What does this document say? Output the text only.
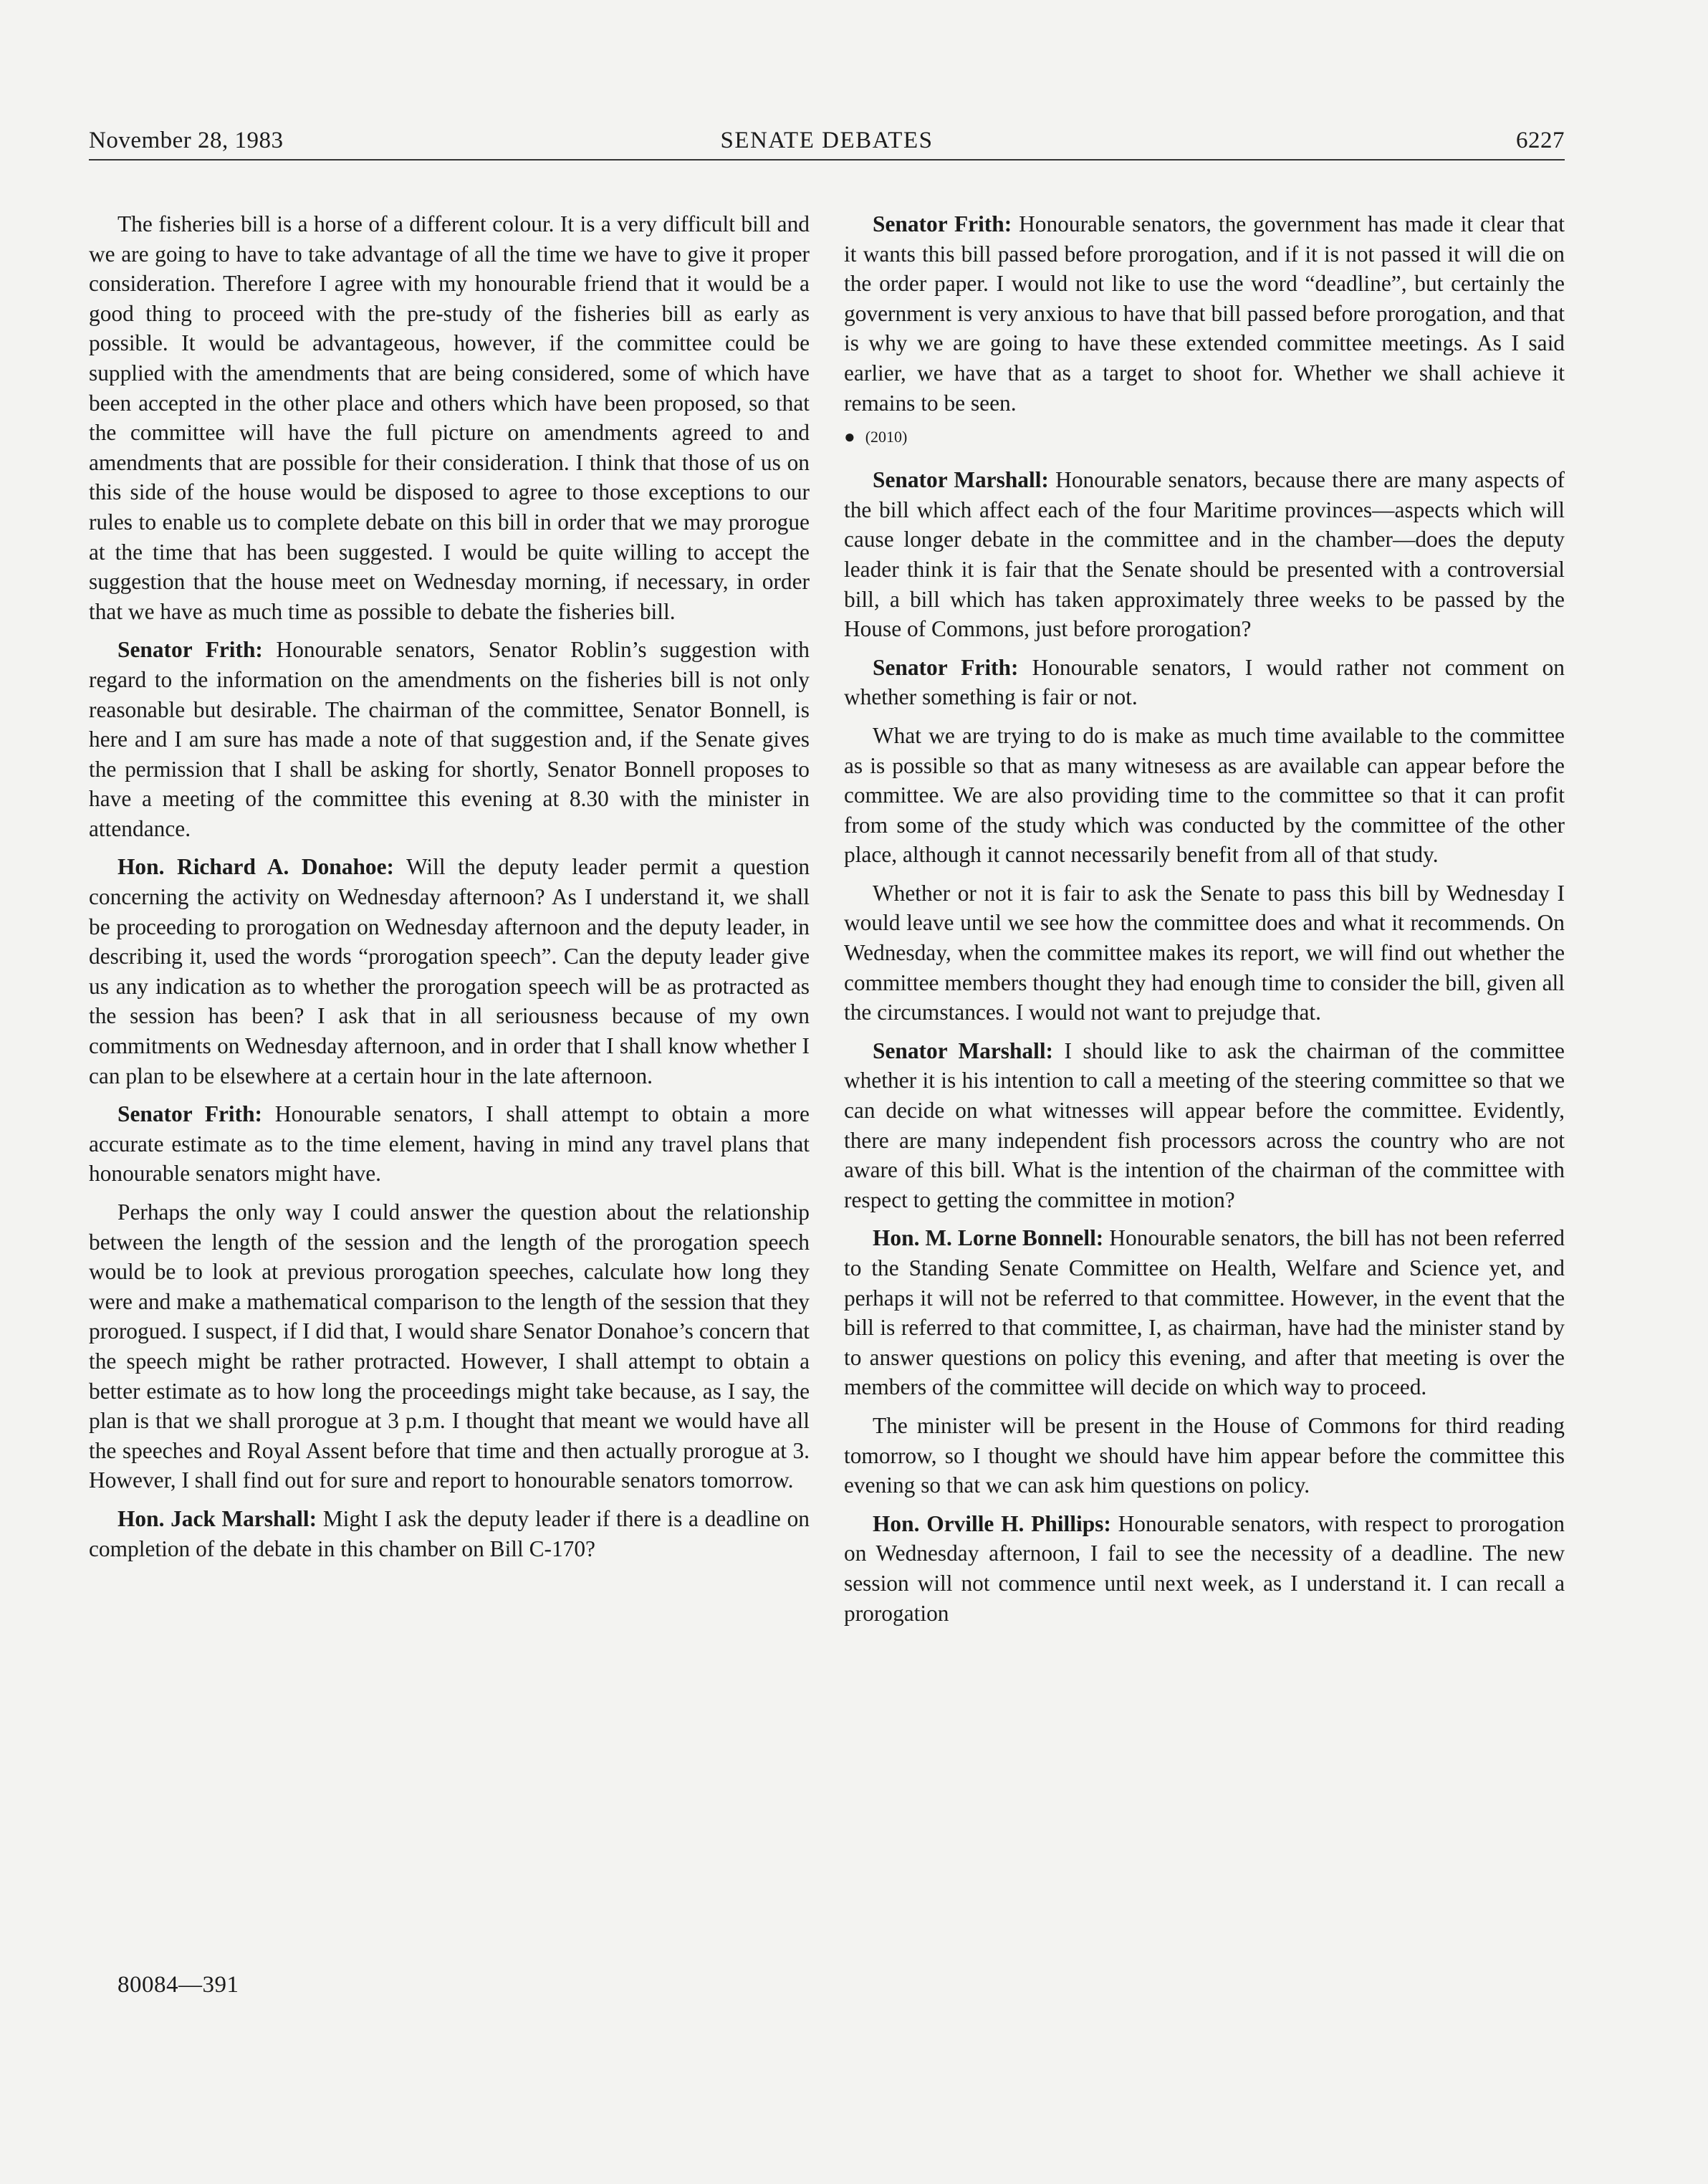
November 28, 1983	SENATE DEBATES	6227

The fisheries bill is a horse of a different colour. It is a very difficult bill and we are going to have to take advantage of all the time we have to give it proper consideration. Therefore I agree with my honourable friend that it would be a good thing to proceed with the pre-study of the fisheries bill as early as possible. It would be advantageous, however, if the committee could be supplied with the amendments that are being considered, some of which have been accepted in the other place and others which have been proposed, so that the committee will have the full picture on amendments agreed to and amendments that are possible for their consideration. I think that those of us on this side of the house would be disposed to agree to those exceptions to our rules to enable us to complete debate on this bill in order that we may prorogue at the time that has been suggested. I would be quite willing to accept the suggestion that the house meet on Wednesday morning, if necessary, in order that we have as much time as possible to debate the fisheries bill.

Senator Frith: Honourable senators, Senator Roblin’s suggestion with regard to the information on the amendments on the fisheries bill is not only reasonable but desirable. The chairman of the committee, Senator Bonnell, is here and I am sure has made a note of that suggestion and, if the Senate gives the permission that I shall be asking for shortly, Senator Bonnell proposes to have a meeting of the committee this evening at 8.30 with the minister in attendance.

Hon. Richard A. Donahoe: Will the deputy leader permit a question concerning the activity on Wednesday afternoon? As I understand it, we shall be proceeding to prorogation on Wednesday afternoon and the deputy leader, in describing it, used the words “prorogation speech”. Can the deputy leader give us any indication as to whether the prorogation speech will be as protracted as the session has been? I ask that in all seriousness because of my own commitments on Wednesday afternoon, and in order that I shall know whether I can plan to be elsewhere at a certain hour in the late afternoon.

Senator Frith: Honourable senators, I shall attempt to obtain a more accurate estimate as to the time element, having in mind any travel plans that honourable senators might have.

Perhaps the only way I could answer the question about the relationship between the length of the session and the length of the prorogation speech would be to look at previous prorogation speeches, calculate how long they were and make a mathematical comparison to the length of the session that they prorogued. I suspect, if I did that, I would share Senator Donahoe’s concern that the speech might be rather protracted. However, I shall attempt to obtain a better estimate as to how long the proceedings might take because, as I say, the plan is that we shall prorogue at 3 p.m. I thought that meant we would have all the speeches and Royal Assent before that time and then actually prorogue at 3. However, I shall find out for sure and report to honourable senators tomorrow.

Hon. Jack Marshall: Might I ask the deputy leader if there is a deadline on completion of the debate in this chamber on Bill C-170?

Senator Frith: Honourable senators, the government has made it clear that it wants this bill passed before prorogation, and if it is not passed it will die on the order paper. I would not like to use the word “deadline”, but certainly the government is very anxious to have that bill passed before prorogation, and that is why we are going to have these extended committee meetings. As I said earlier, we have that as a target to shoot for. Whether we shall achieve it remains to be seen.

● (2010)

Senator Marshall: Honourable senators, because there are many aspects of the bill which affect each of the four Maritime provinces—aspects which will cause longer debate in the committee and in the chamber—does the deputy leader think it is fair that the Senate should be presented with a controversial bill, a bill which has taken approximately three weeks to be passed by the House of Commons, just before prorogation?

Senator Frith: Honourable senators, I would rather not comment on whether something is fair or not.

What we are trying to do is make as much time available to the committee as is possible so that as many witnesess as are available can appear before the committee. We are also providing time to the committee so that it can profit from some of the study which was conducted by the committee of the other place, although it cannot necessarily benefit from all of that study.

Whether or not it is fair to ask the Senate to pass this bill by Wednesday I would leave until we see how the committee does and what it recommends. On Wednesday, when the committee makes its report, we will find out whether the committee members thought they had enough time to consider the bill, given all the circumstances. I would not want to prejudge that.

Senator Marshall: I should like to ask the chairman of the committee whether it is his intention to call a meeting of the steering committee so that we can decide on what witnesses will appear before the committee. Evidently, there are many independent fish processors across the country who are not aware of this bill. What is the intention of the chairman of the committee with respect to getting the committee in motion?

Hon. M. Lorne Bonnell: Honourable senators, the bill has not been referred to the Standing Senate Committee on Health, Welfare and Science yet, and perhaps it will not be referred to that committee. However, in the event that the bill is referred to that committee, I, as chairman, have had the minister stand by to answer questions on policy this evening, and after that meeting is over the members of the committee will decide on which way to proceed.

The minister will be present in the House of Commons for third reading tomorrow, so I thought we should have him appear before the committee this evening so that we can ask him questions on policy.

Hon. Orville H. Phillips: Honourable senators, with respect to prorogation on Wednesday afternoon, I fail to see the necessity of a deadline. The new session will not commence until next week, as I understand it. I can recall a prorogation

80084—391
